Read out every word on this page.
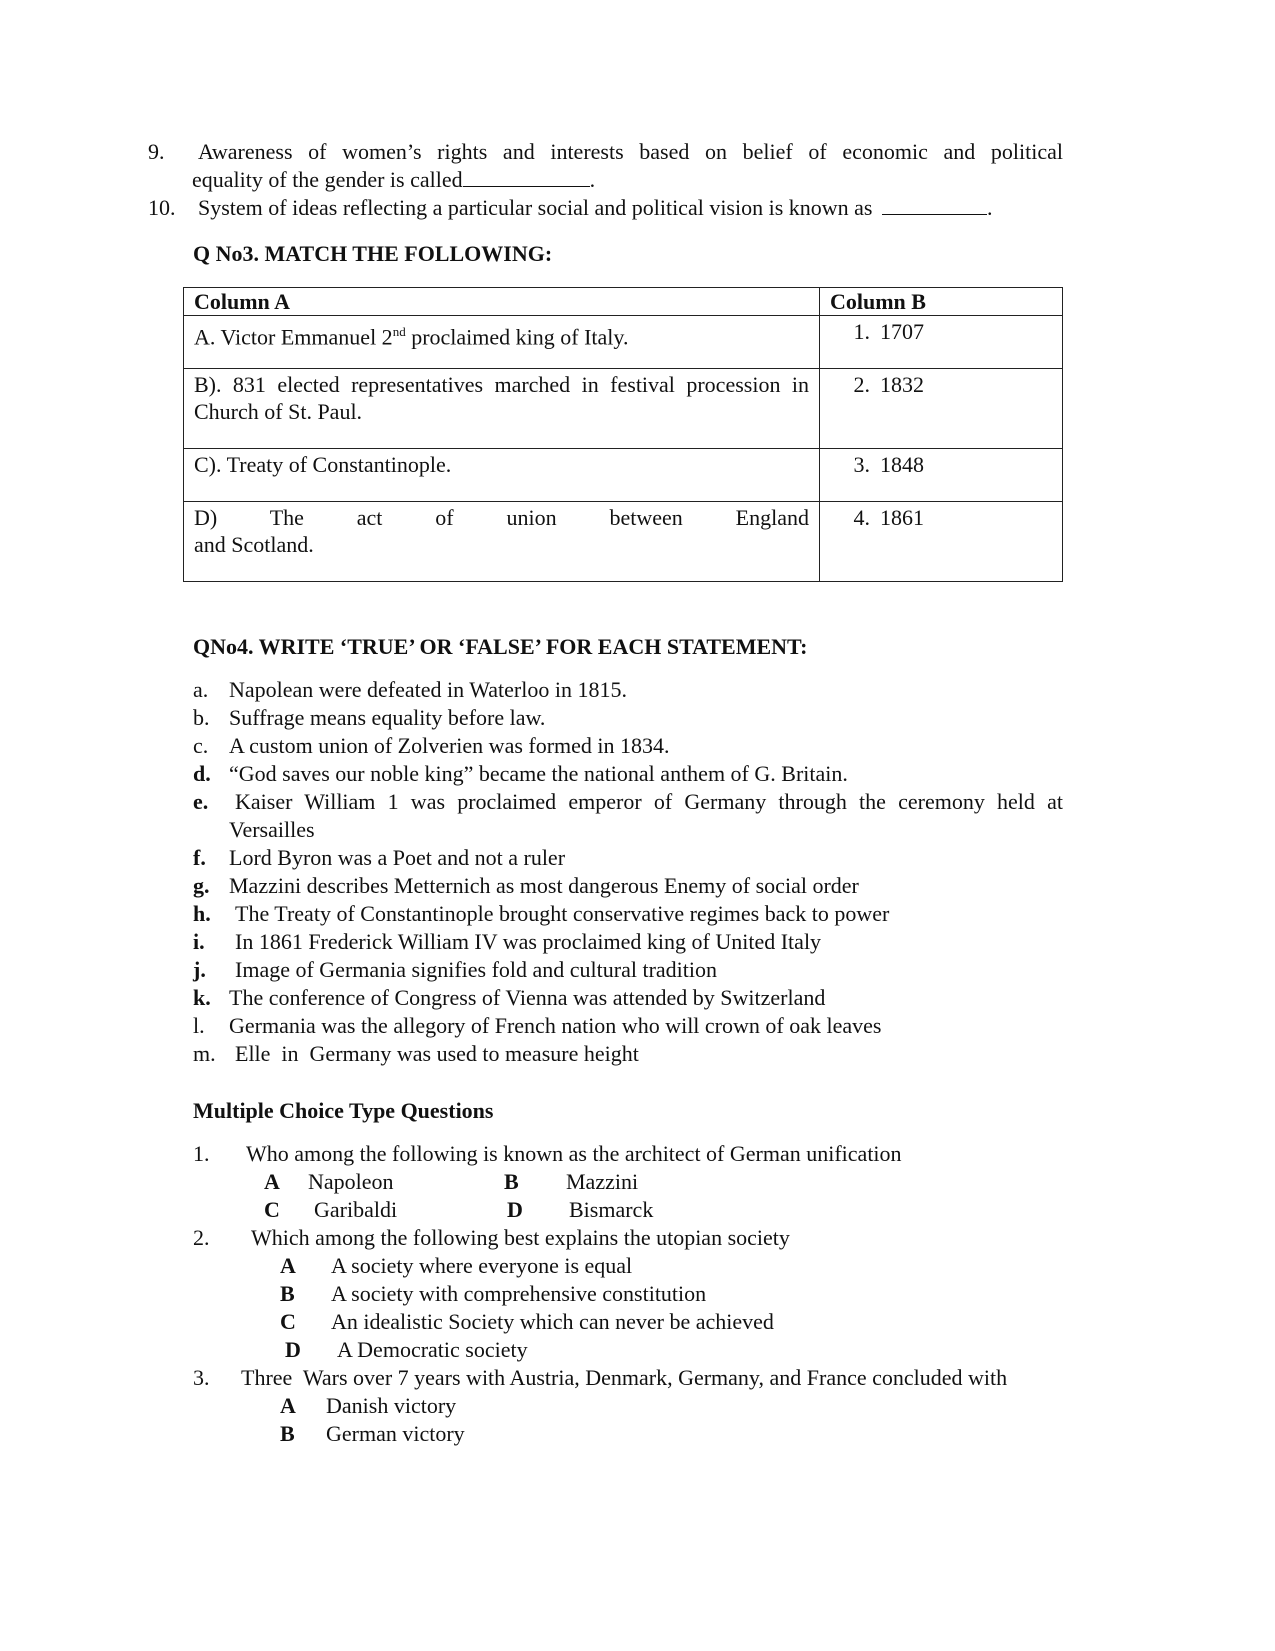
9. Awareness of women’s rights and interests based on belief of economic and political
equality of the gender is called	.
10. System of ideas reflecting a particular social and political vision is known as	.
Q No3. MATCH THE FOLLOWING:
Column A	Column B
A. Victor Emmanuel 2nd proclaimed king of Italy.	1. 1707
B). 831 elected representatives marched in festival procession in Church of St. Paul.	2. 1832
C). Treaty of Constantinople.	3. 1848

D) The act of union between England
and Scotland.	4. 1861
QNo4. WRITE ‘TRUE’ OR ‘FALSE’ FOR EACH STATEMENT:
a. Napolean were defeated in Waterloo in 1815.
b. Suffrage means equality before law.
c. A custom union of Zolverien was formed in 1834.
d. “God saves our noble king” became the national anthem of G. Britain.
e.	Kaiser William 1 was proclaimed emperor of Germany through the ceremony held at
Versailles
f.	Lord Byron was a Poet and not a ruler
g. Mazzini describes Metternich as most dangerous Enemy of social order
h.	The Treaty of Constantinople brought conservative regimes back to power
i.	In 1861 Frederick William IV was proclaimed king of United Italy
j.	Image of Germania signifies fold and cultural tradition
k. The conference of Congress of Vienna was attended by Switzerland
l.	Germania was the allegory of French nation who will crown of oak leaves
m. Elle  in  Germany was used to measure height
Multiple Choice Type Questions
1. Who among the following is known as the architect of German unification
A Napoleon	B Mazzini
C Garibaldi	D Bismarck
2. Which among the following best explains the utopian society
A A society where everyone is equal
B A society with comprehensive constitution
C An idealistic Society which can never be achieved
D A Democratic society
3. Three  Wars over 7 years with Austria, Denmark, Germany, and France concluded with
A Danish victory
B German victory
